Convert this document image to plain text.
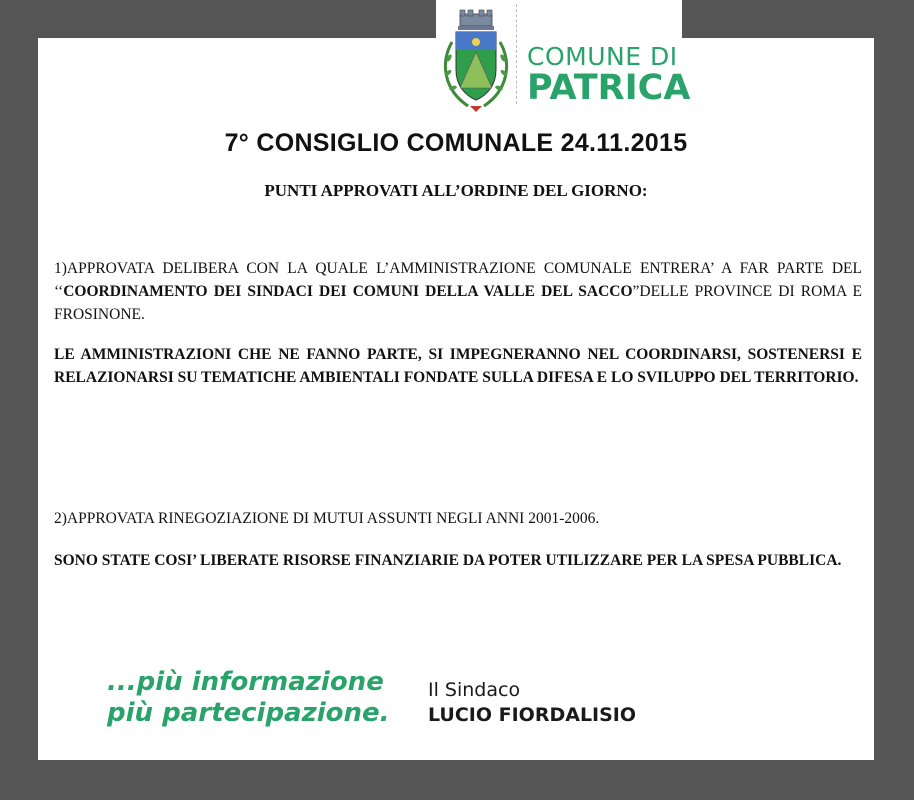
COMUNE DI
PATRICA
7° CONSIGLIO COMUNALE 24.11.2015
PUNTI APPROVATI ALL’ORDINE DEL GIORNO:
1)APPROVATA DELIBERA CON LA QUALE L’AMMINISTRAZIONE COMUNALE ENTRERA’ A FAR PARTE DEL ‘‘COORDINAMENTO DEI SINDACI DEI COMUNI DELLA VALLE DEL SACCO”DELLE PROVINCE DI ROMA E FROSINONE.
LE AMMINISTRAZIONI CHE NE FANNO PARTE, SI IMPEGNERANNO NEL COORDINARSI, SOSTENERSI E RELAZIONARSI SU TEMATICHE AMBIENTALI FONDATE SULLA DIFESA E LO SVILUPPO DEL TERRITORIO.
2)APPROVATA RINEGOZIAZIONE DI MUTUI ASSUNTI NEGLI ANNI 2001-2006.
SONO STATE COSI’ LIBERATE RISORSE FINANZIARIE DA POTER UTILIZZARE PER LA SPESA PUBBLICA.
...più informazione
più partecipazione.
Il Sindaco
LUCIO FIORDALISIO
